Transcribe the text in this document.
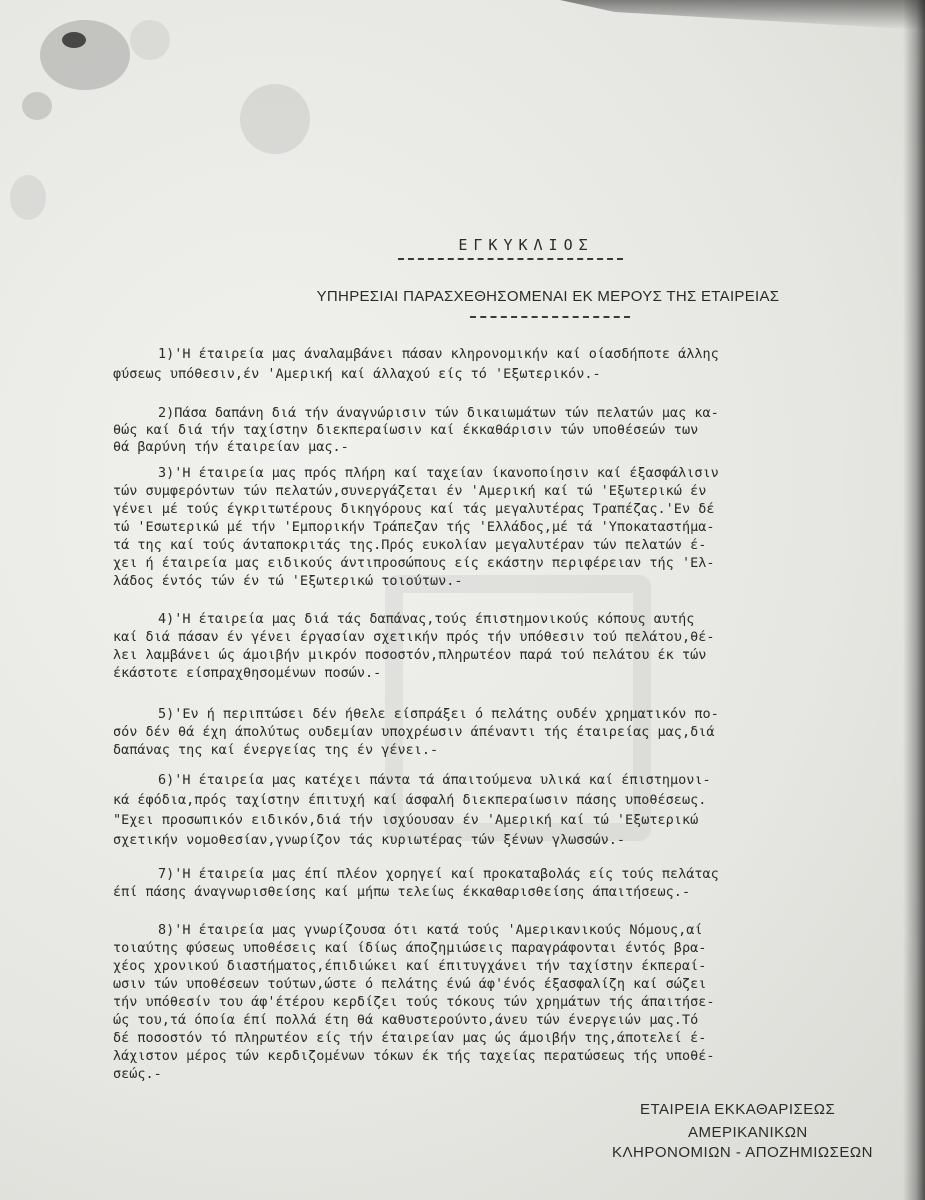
ΕΓΚΥΚΛΙΟΣ
ΥΠΗΡΕΣΙΑΙ ΠΑΡΑΣΧΕΘΗΣΟΜΕΝΑΙ ΕΚ ΜΕΡΟΥΣ ΤΗΣ ΕΤΑΙΡΕΙΑΣ
1)'Η έταιρεία μας άναλαμβάνει πάσαν κληρονομικήν καί οίασδήποτε άλλης
φύσεως υπόθεσιν,έν 'Αμερική καί άλλαχού είς τό 'Εξωτερικόν.-
2)Πάσα δαπάνη διά τήν άναγνώρισιν τών δικαιωμάτων τών πελατών μας κα-
θώς καί διά τήν ταχίστην διεκπεραίωσιν καί έκκαθάρισιν τών υποθέσεών των
θά βαρύνη τήν έταιρείαν μας.-
3)'Η έταιρεία μας πρός πλήρη καί ταχείαν ίκανοποίησιν καί έξασφάλισιν
τών συμφερόντων τών πελατών,συνεργάζεται έν 'Αμερική καί τώ 'Εξωτερικώ έν
γένει μέ τούς έγκριτωτέρους δικηγόρους καί τάς μεγαλυτέρας Τραπέζας.'Εν δέ
τώ 'Εσωτερικώ μέ τήν 'Εμπορικήν Τράπεζαν τής 'Ελλάδος,μέ τά 'Υποκαταστήμα-
τά της καί τούς άνταποκριτάς της.Πρός ευκολίαν μεγαλυτέραν τών πελατών έ-
χει ή έταιρεία μας ειδικούς άντιπροσώπους είς εκάστην περιφέρειαν τής 'Ελ-
λάδος έντός τών έν τώ 'Εξωτερικώ τοιούτων.-
4)'Η έταιρεία μας διά τάς δαπάνας,τούς έπιστημονικούς κόπους αυτής
καί διά πάσαν έν γένει έργασίαν σχετικήν πρός τήν υπόθεσιν τού πελάτου,θέ-
λει λαμβάνει ώς άμοιβήν μικρόν ποσοστόν,πληρωτέον παρά τού πελάτου έκ τών
έκάστοτε είσπραχθησομένων ποσών.-
5)'Εν ή περιπτώσει δέν ήθελε είσπράξει ό πελάτης ουδέν χρηματικόν πο-
σόν δέν θά έχη άπολύτως ουδεμίαν υποχρέωσιν άπέναντι τής έταιρείας μας,διά
δαπάνας της καί ένεργείας της έν γένει.-
6)'Η έταιρεία μας κατέχει πάντα τά άπαιτούμενα υλικά καί έπιστημονι-
κά έφόδια,πρός ταχίστην έπιτυχή καί άσφαλή διεκπεραίωσιν πάσης υποθέσεως.
"Εχει προσωπικόν ειδικόν,διά τήν ισχύουσαν έν 'Αμερική καί τώ 'Εξωτερικώ
σχετικήν νομοθεσίαν,γνωρίζον τάς κυριωτέρας τών ξένων γλωσσών.-
7)'Η έταιρεία μας έπί πλέον χορηγεί καί προκαταβολάς είς τούς πελάτας
έπί πάσης άναγνωρισθείσης καί μήπω τελείως έκκαθαρισθείσης άπαιτήσεως.-
8)'Η έταιρεία μας γνωρίζουσα ότι κατά τούς 'Αμερικανικούς Νόμους,αί
τοιαύτης φύσεως υποθέσεις καί ίδίως άποζημιώσεις παραγράφονται έντός βρα-
χέος χρονικού διαστήματος,έπιδιώκει καί έπιτυγχάνει τήν ταχίστην έκπεραί-
ωσιν τών υποθέσεων τούτων,ώστε ό πελάτης ένώ άφ'ένός έξασφαλίζη καί σώζει
τήν υπόθεσίν του άφ'έτέρου κερδίζει τούς τόκους τών χρημάτων τής άπαιτήσε-
ώς του,τά όποία έπί πολλά έτη θά καθυστερούντο,άνευ τών ένεργειών μας.Τό
δέ ποσοστόν τό πληρωτέον είς τήν έταιρείαν μας ώς άμοιβήν της,άποτελεί έ-
λάχιστον μέρος τών κερδιζομένων τόκων έκ τής ταχείας περατώσεως τής υποθέ-
σεώς.-
ΕΤΑΙΡΕΙΑ ΕΚΚΑΘΑΡΙΣΕΩΣ
ΑΜΕΡΙΚΑΝΙΚΩΝ
ΚΛΗΡΟΝΟΜΙΩΝ - ΑΠΟΖΗΜΙΩΣΕΩΝ
